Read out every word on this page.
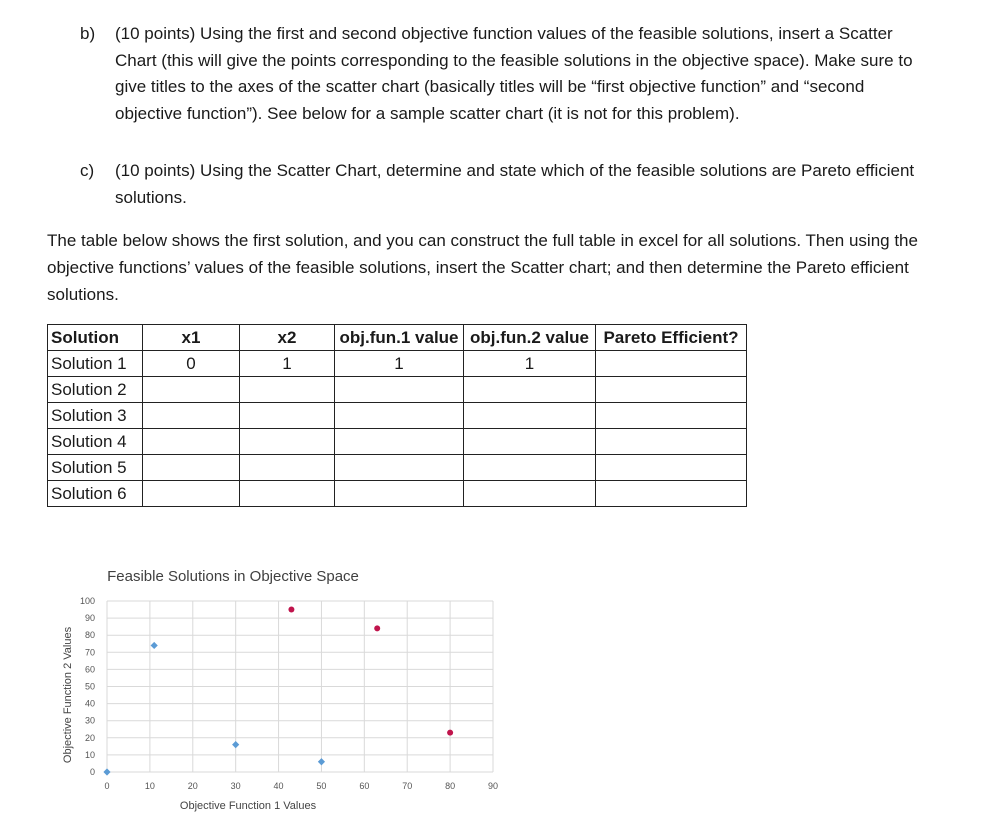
b) (10 points) Using the first and second objective function values of the feasible solutions, insert a Scatter Chart (this will give the points corresponding to the feasible solutions in the objective space). Make sure to give titles to the axes of the scatter chart (basically titles will be “first objective function” and “second objective function”). See below for a sample scatter chart (it is not for this problem).
c) (10 points) Using the Scatter Chart, determine and state which of the feasible solutions are Pareto efficient solutions.
The table below shows the first solution, and you can construct the full table in excel for all solutions. Then using the objective functions’ values of the feasible solutions, insert the Scatter chart; and then determine the Pareto efficient solutions.
Solution	x1	x2	obj.fun.1 value	obj.fun.2 value	Pareto Efficient?
Solution 1	0	1	1	1	
Solution 2					
Solution 3					
Solution 4					
Solution 5					
Solution 6					
Feasible Solutions in Objective Space
0
10
20
30
40
50
60
70
80
90
100
0	10	20	30	40	50	60	70	80	90
Objective Function 1 Values
Objective Function 2 Values
